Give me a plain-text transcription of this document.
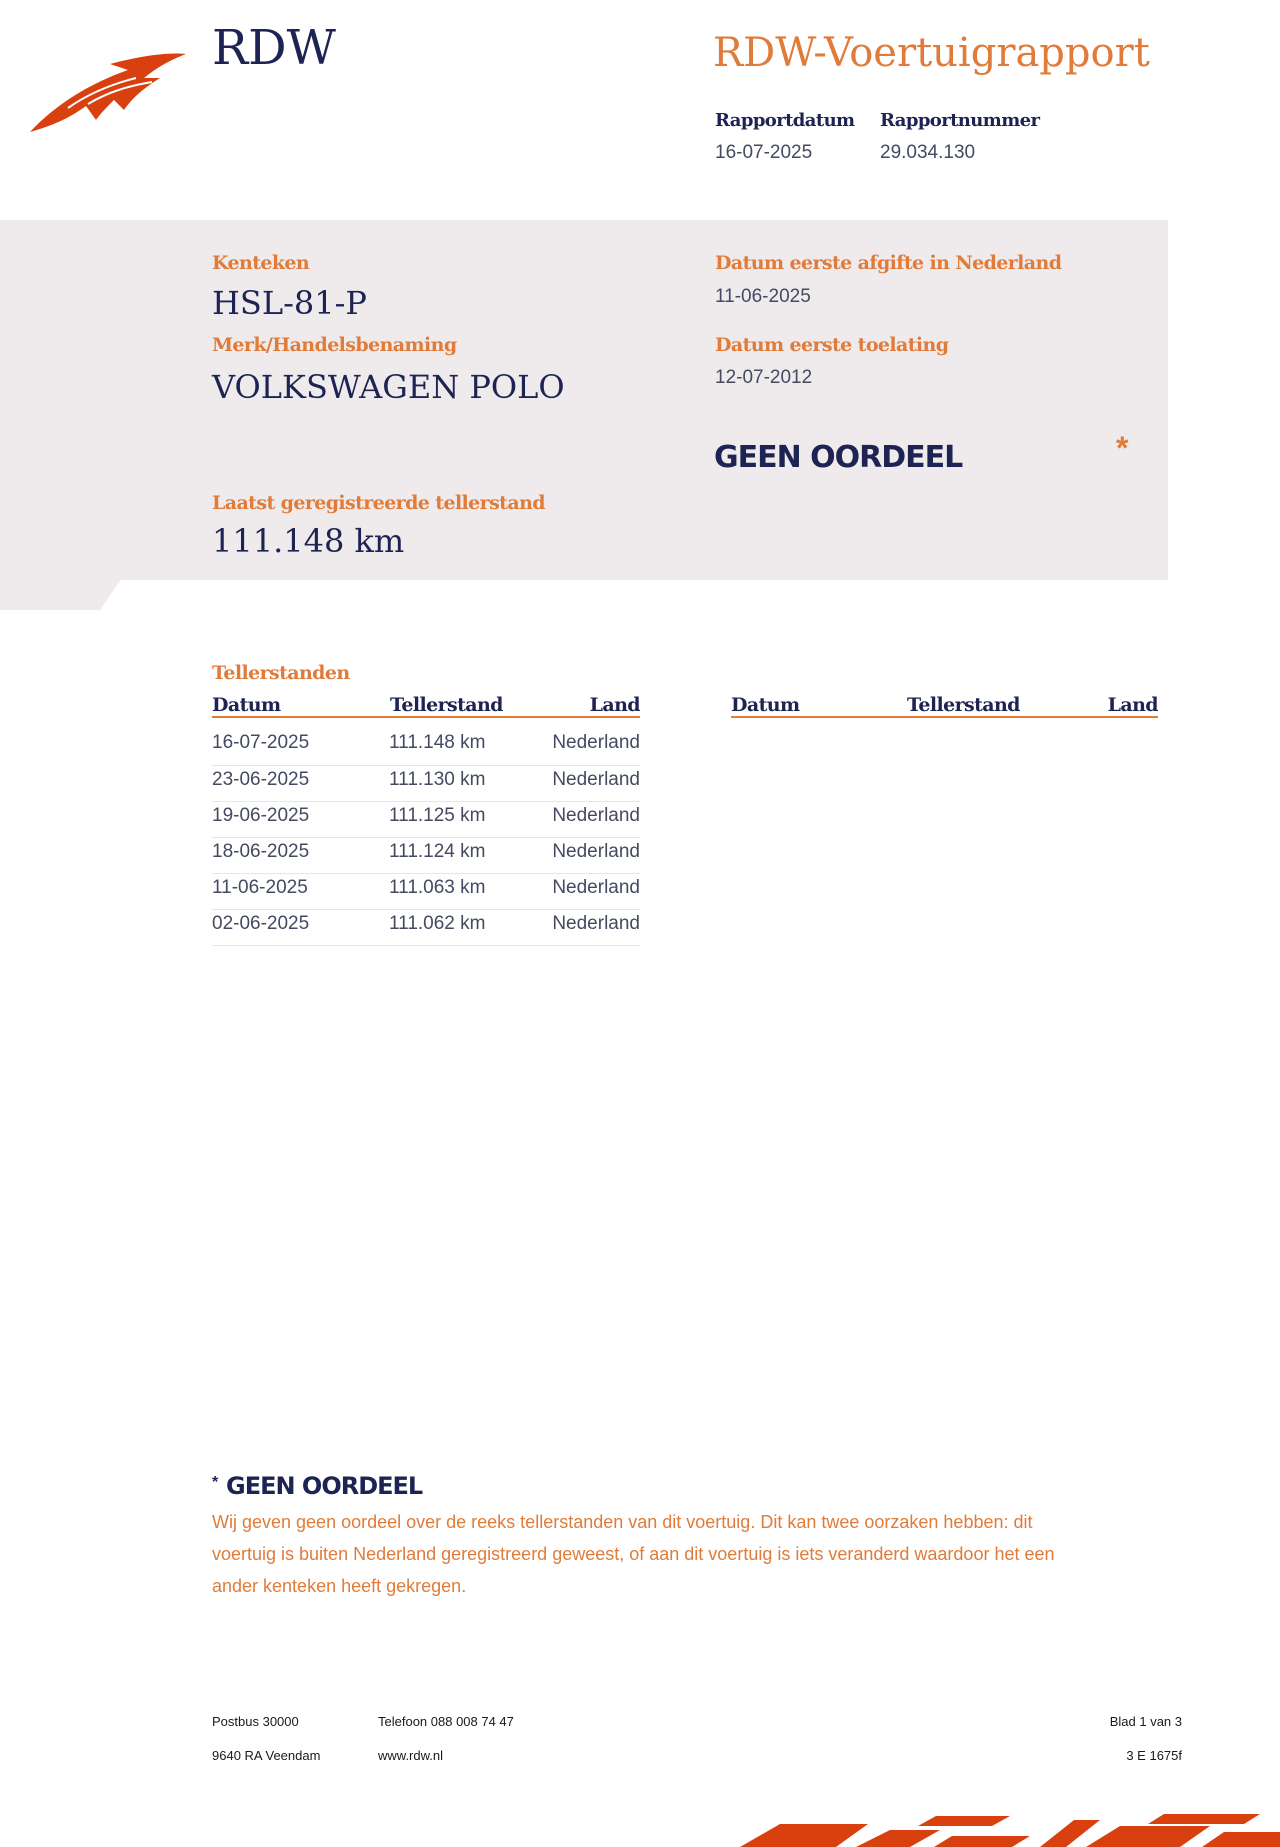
RDW	RDW-Voertuigrapport
Rapportdatum
16-07-2025
Rapportnummer
29.034.130
Kenteken
HSL-81-P
Merk/Handelsbenaming
VOLKSWAGEN POLO
Laatst geregistreerde tellerstand
111.148 km
Datum eerste afgifte in Nederland
11-06-2025
Datum eerste toelating
12-07-2012
GEEN OORDEEL	*
Tellerstanden
Datum	Tellerstand	Land	Datum	Tellerstand	Land
16-07-2025	111.148 km	Nederland
23-06-2025	111.130 km	Nederland
19-06-2025	111.125 km	Nederland
18-06-2025	111.124 km	Nederland
11-06-2025	111.063 km	Nederland
02-06-2025	111.062 km	Nederland
* GEEN OORDEEL
Wij geven geen oordeel over de reeks tellerstanden van dit voertuig. Dit kan twee oorzaken hebben: dit
voertuig is buiten Nederland geregistreerd geweest, of aan dit voertuig is iets veranderd waardoor het een
ander kenteken heeft gekregen.
Postbus 30000
9640 RA Veendam
Telefoon 088 008 74 47
www.rdw.nl
Blad 1 van 3
3 E 1675f
